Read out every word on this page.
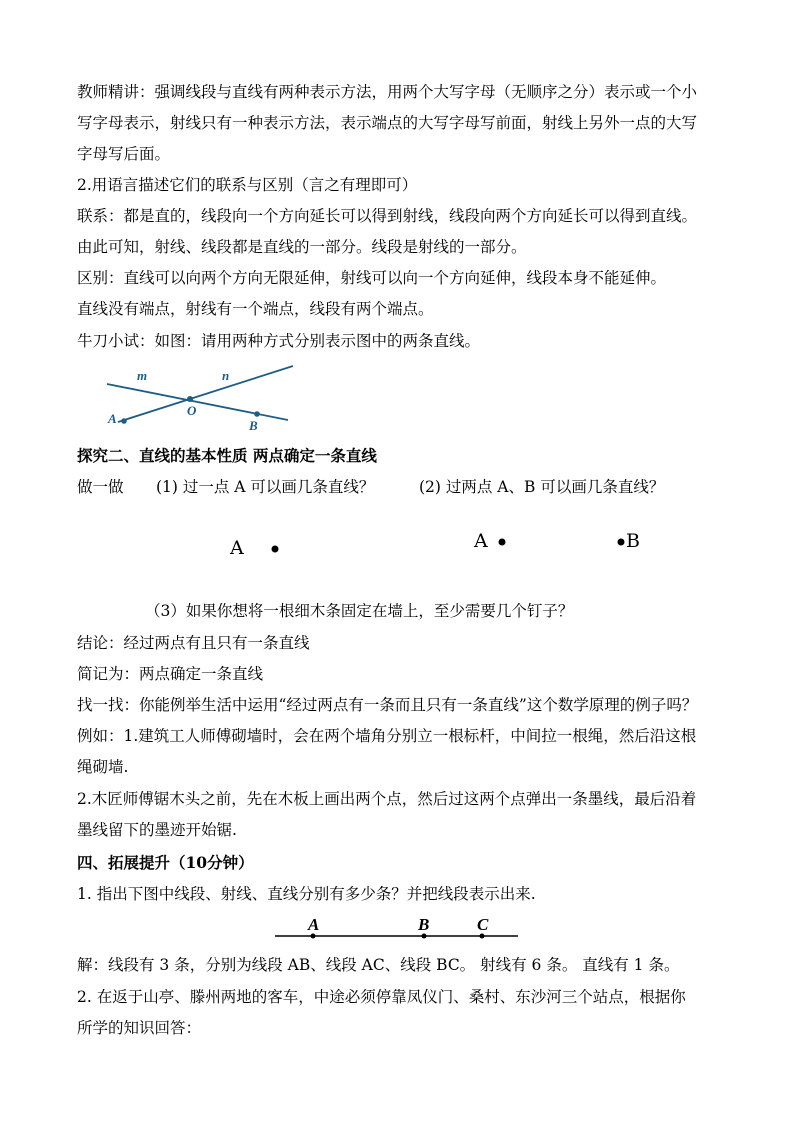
教师精讲：强调线段与直线有两种表示方法，用两个大写字母（无顺序之分）表示或一个小
写字母表示，射线只有一种表示方法，表示端点的大写字母写前面，射线上另外一点的大写
字母写后面。
2.用语言描述它们的联系与区别（言之有理即可）
联系：都是直的，线段向一个方向延长可以得到射线，线段向两个方向延长可以得到直线。
由此可知，射线、线段都是直线的一部分。线段是射线的一部分。
区别：直线可以向两个方向无限延伸，射线可以向一个方向延伸，线段本身不能延伸。
直线没有端点，射线有一个端点，线段有两个端点。
牛刀小试：如图：请用两种方式分别表示图中的两条直线。
m	n
A
O
B
探究二、直线的基本性质 两点确定一条直线
做一做 (1) 过一点 A 可以画几条直线？	(2) 过两点 A、B 可以画几条直线？
A	A	B
（3）如果你想将一根细木条固定在墙上，至少需要几个钉子？
结论：经过两点有且只有一条直线
简记为：两点确定一条直线
找一找：你能例举生活中运用“经过两点有一条而且只有一条直线”这个数学原理的例子吗？
例如：1.建筑工人师傅砌墙时，会在两个墙角分别立一根标杆，中间拉一根绳，然后沿这根
绳砌墙.
2.木匠师傅锯木头之前，先在木板上画出两个点，然后过这两个点弹出一条墨线，最后沿着
墨线留下的墨迹开始锯.
四、拓展提升（10分钟）
1. 指出下图中线段、射线、直线分别有多少条？并把线段表示出来.
A	B	C
解：线段有 3 条，分别为线段 AB、线段 AC、线段 BC。 射线有 6 条。 直线有 1 条。
2. 在返于山亭、滕州两地的客车，中途必须停靠凤仪门、桑村、东沙河三个站点，根据你
所学的知识回答：
